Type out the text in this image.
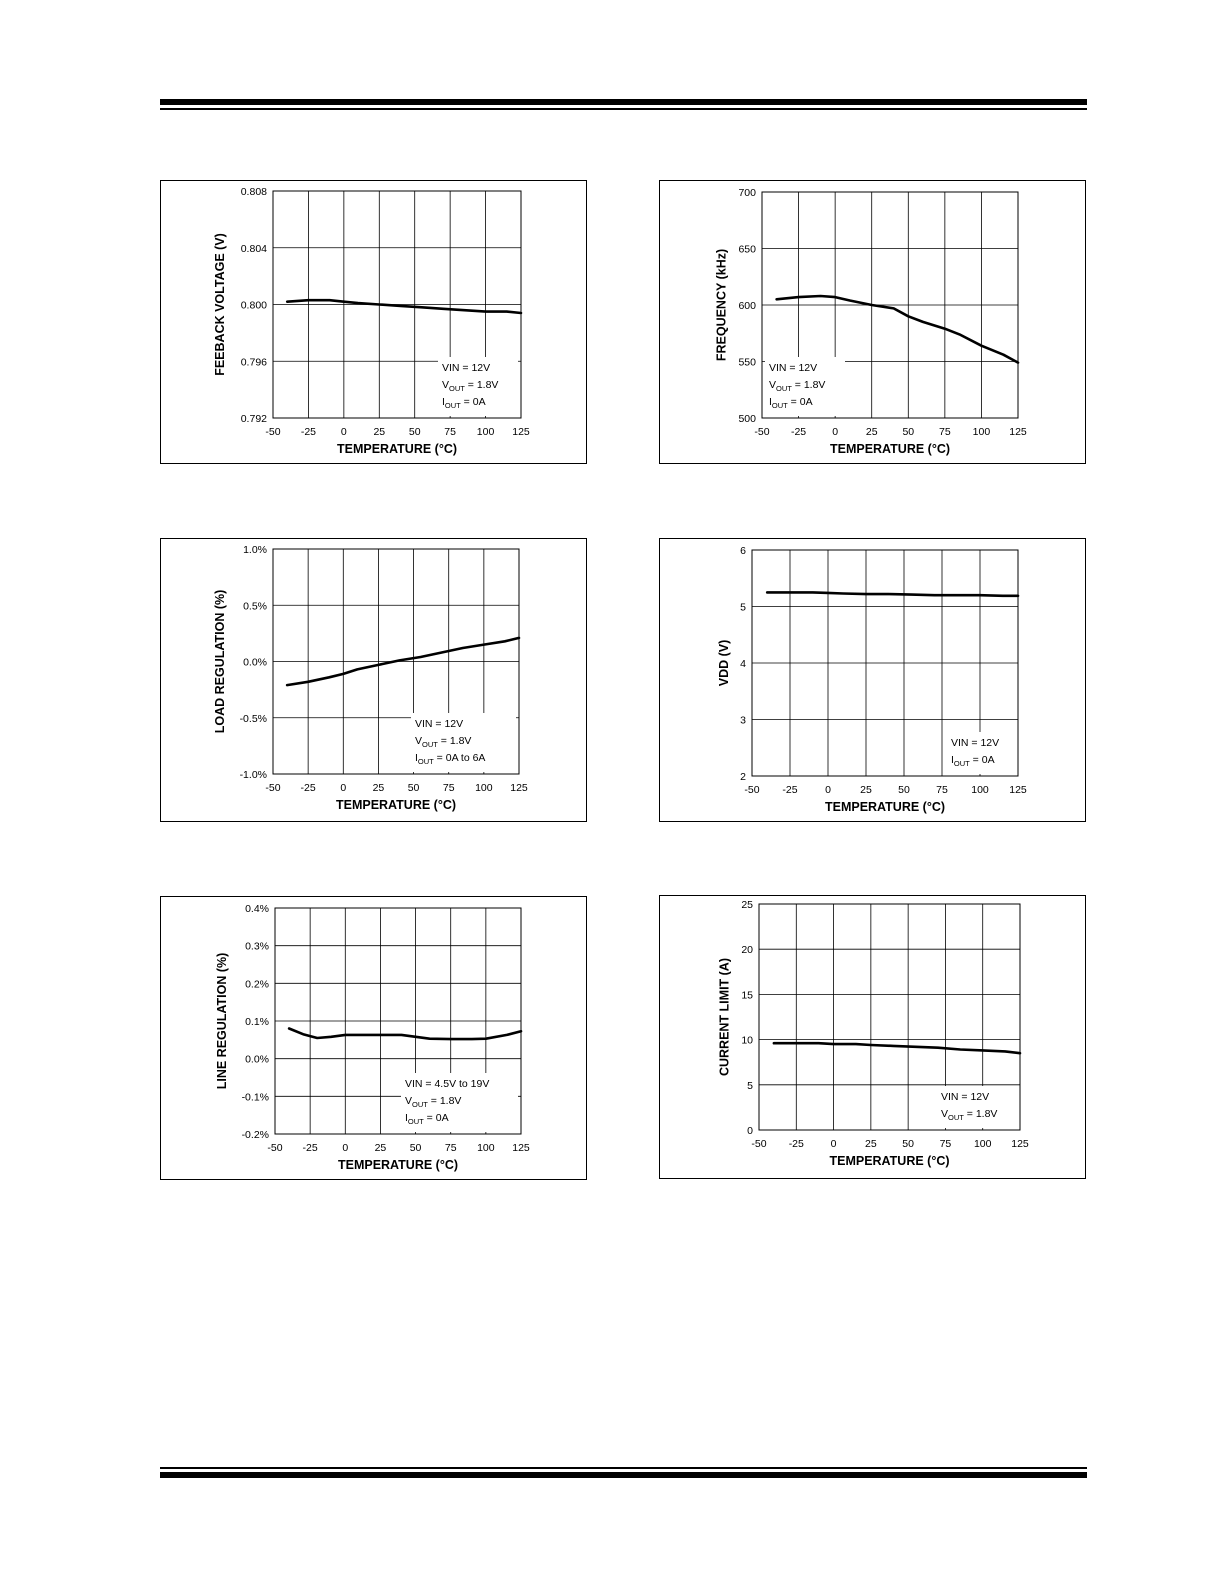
VIN = 12V
$V_{OUT} = 1.8V$
$I_{OUT} = 0A$
-50 -25 0	25 50 75 100 125
0.792
0.796
0.800
0.804
0.808
TEMPERATURE (°C)
FEEBACK VOLTAGE (V)	VIN = 12V
$V_{OUT} = 1.8V$
$I_{OUT} = 0A$
-50 -25 0	25 50 75 100 125
500
550
600
650
700
TEMPERATURE (°C)
FREQUENCY (kHz)
VIN = 12V
$V_{OUT} = 1.8V$
$I_{OUT} = 0A$ to 6A
-50 -25 0	25 50 75 100 125
-1.0%
-0.5%
0.0%
0.5%
1.0%
TEMPERATURE (°C)
LOAD REGULATION (%)
VIN = 12V
$I_{OUT} = 0A$
-50 -25	0	25	50	75 100 125
2
3
4
5
6
TEMPERATURE (°C)
VDD (V)
VIN = 4.5V to 19V
$V_{OUT} = 1.8V$
$I_{OUT} = 0A$
-50 -25 0	25 50 75 100 125
-0.2%
-0.1%
0.0%
0.1%
0.2%
0.3%
0.4%
TEMPERATURE (°C)
LINE REGULATION (%)
VIN = 12V
$V_{OUT} = 1.8V$
-50 -25	0	25 50 75 100 125
0
5
10
15
20
25
TEMPERATURE (°C)
CURRENT LIMIT (A)
